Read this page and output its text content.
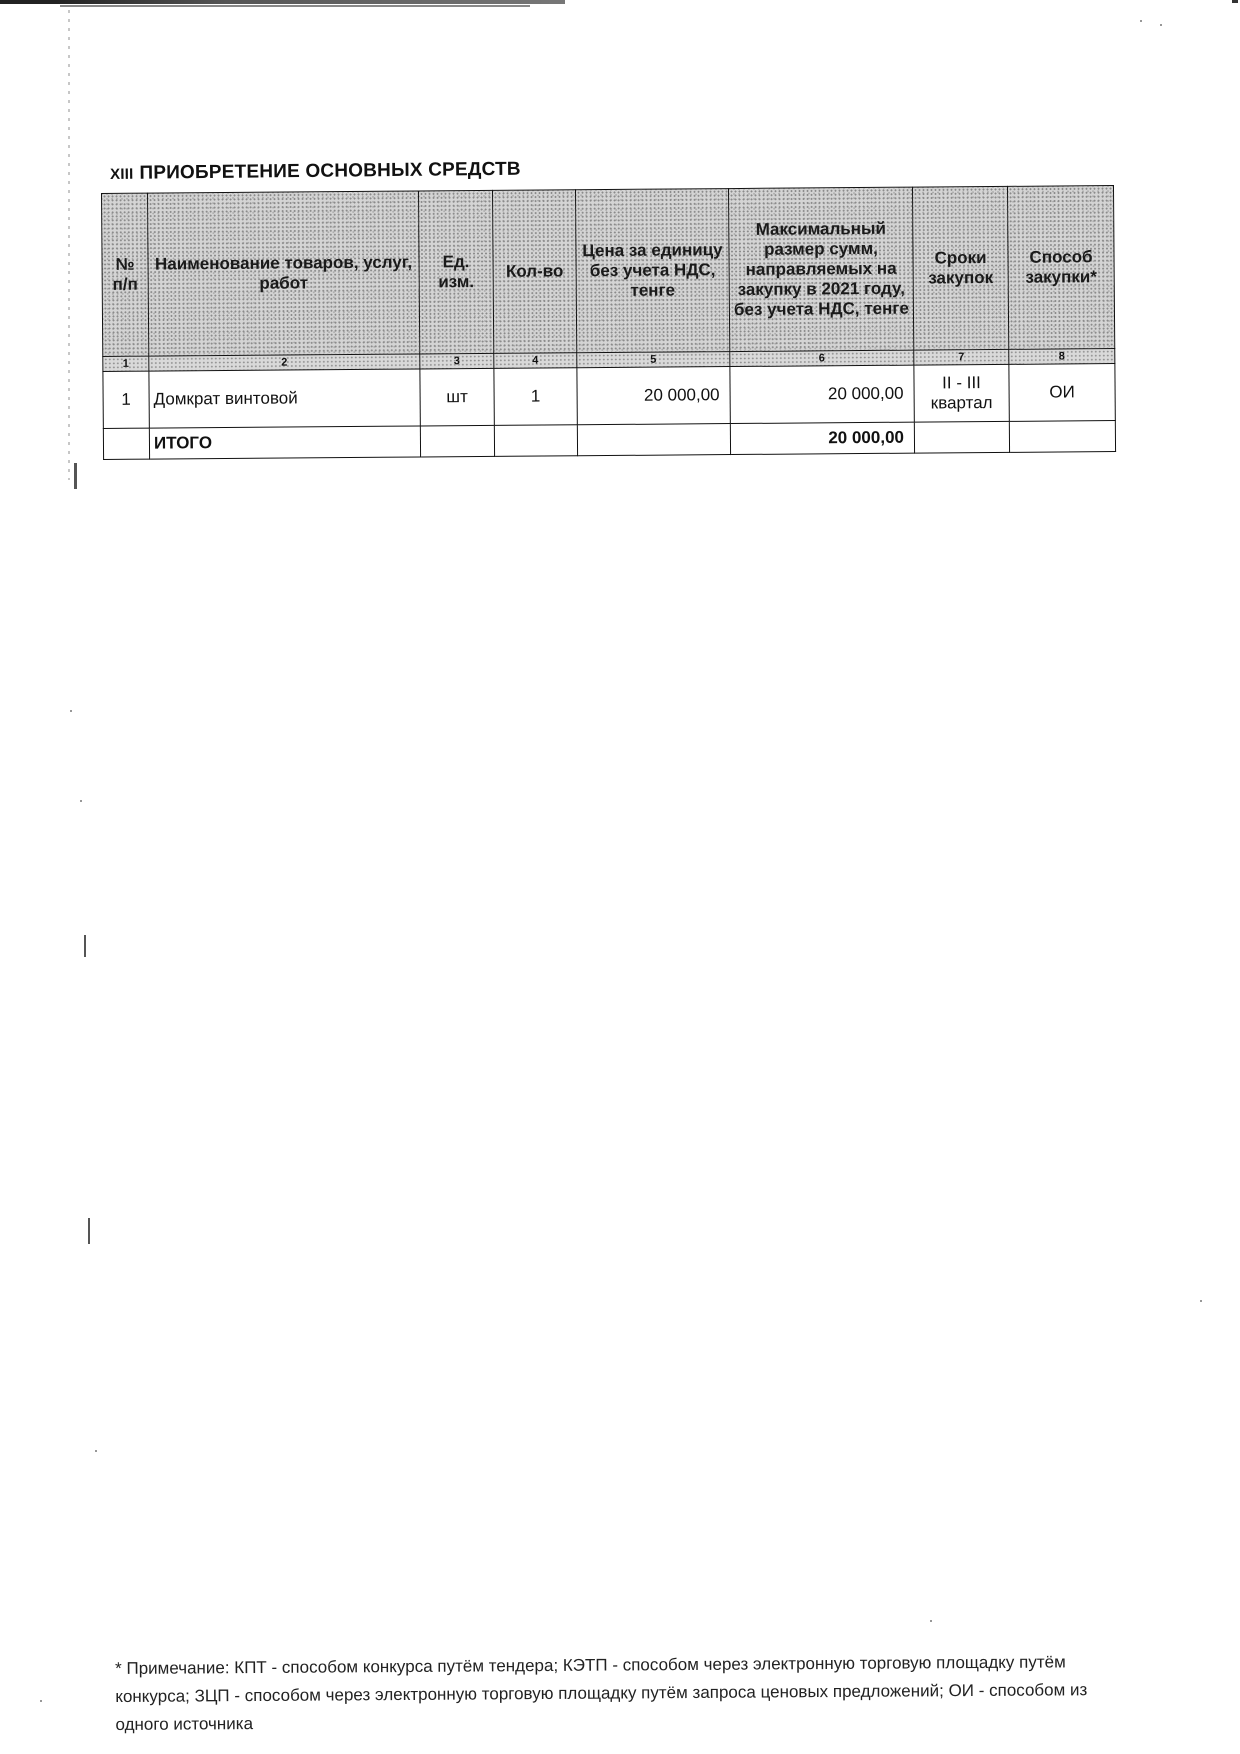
XIII ПРИОБРЕТЕНИЕ ОСНОВНЫХ СРЕДСТВ
№ п/п	Наименование товаров, услуг, работ	Ед. изм.	Кол-во	Цена за единицу без учета НДС, тенге	Максимальный размер сумм, направляемых на закупку в 2021 году, без учета НДС, тенге	Сроки закупок	Способ закупки*
1	2	3	4	5	6	7	8
1	Домкрат винтовой	шт	1	20 000,00	20 000,00	II - III квартал	ОИ
	ИТОГО				20 000,00		
* Примечание: КПТ - способом конкурса путём тендера; КЭТП - способом через электронную торговую площадку путём конкурса; ЗЦП - способом через электронную торговую площадку путём запроса ценовых предложений; ОИ - способом из одного источника
